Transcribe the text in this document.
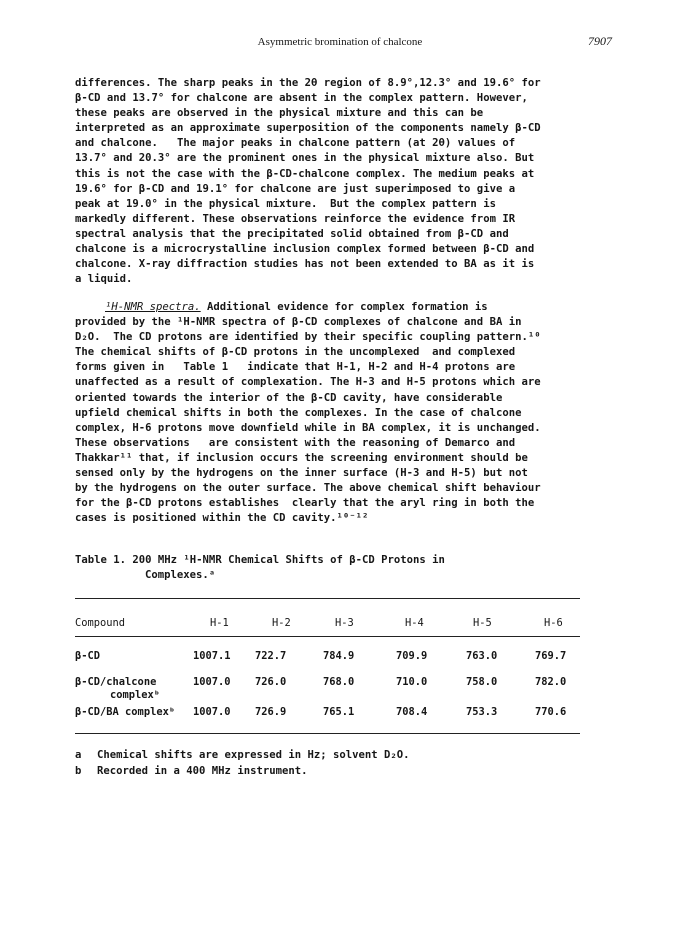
Asymmetric bromination of chalcone	7907
differences. The sharp peaks in the 2θ region of 8.9°,12.3° and 19.6° for
β-CD and 13.7° for chalcone are absent in the complex pattern. However,
these peaks are observed in the physical mixture and this can be
interpreted as an approximate superposition of the components namely β-CD
and chalcone.   The major peaks in chalcone pattern (at 2θ) values of
13.7° and 20.3° are the prominent ones in the physical mixture also. But
this is not the case with the β-CD-chalcone complex. The medium peaks at
19.6° for β-CD and 19.1° for chalcone are just superimposed to give a
peak at 19.0° in the physical mixture.  But the complex pattern is
markedly different. These observations reinforce the evidence from IR
spectral analysis that the precipitated solid obtained from β-CD and
chalcone is a microcrystalline inclusion complex formed between β-CD and
chalcone. X-ray diffraction studies has not been extended to BA as it is
a liquid.
¹H-NMR spectra. Additional evidence for complex formation is
provided by the ¹H-NMR spectra of β-CD complexes of chalcone and BA in
D₂O.  The CD protons are identified by their specific coupling pattern.¹⁰
The chemical shifts of β-CD protons in the uncomplexed  and complexed
forms given in   Table 1   indicate that H-1, H-2 and H-4 protons are
unaffected as a result of complexation. The H-3 and H-5 protons which are
oriented towards the interior of the β-CD cavity, have considerable
upfield chemical shifts in both the complexes. In the case of chalcone
complex, H-6 protons move downfield while in BA complex, it is unchanged.
These observations   are consistent with the reasoning of Demarco and
Thakkar¹¹ that, if inclusion occurs the screening environment should be
sensed only by the hydrogens on the inner surface (H-3 and H-5) but not
by the hydrogens on the outer surface. The above chemical shift behaviour
for the β-CD protons establishes  clearly that the aryl ring in both the
cases is positioned within the CD cavity.¹⁰⁻¹²
Table 1. 200 MHz ¹H-NMR Chemical Shifts of β-CD Protons in
Complexes.ᵃ
Compound	H-1	H-2	H-3	H-4	H-5	H-6
β-CD	1007.1 722.7	784.9	709.9	763.0	769.7
β-CD/chalcone
complexᵇ
1007.0 726.0	768.0	710.0	758.0	782.0
β-CD/BA complexᵇ 1007.0 726.9	765.1	708.4	753.3	770.6
a Chemical shifts are expressed in Hz; solvent D₂O.
b Recorded in a 400 MHz instrument.
